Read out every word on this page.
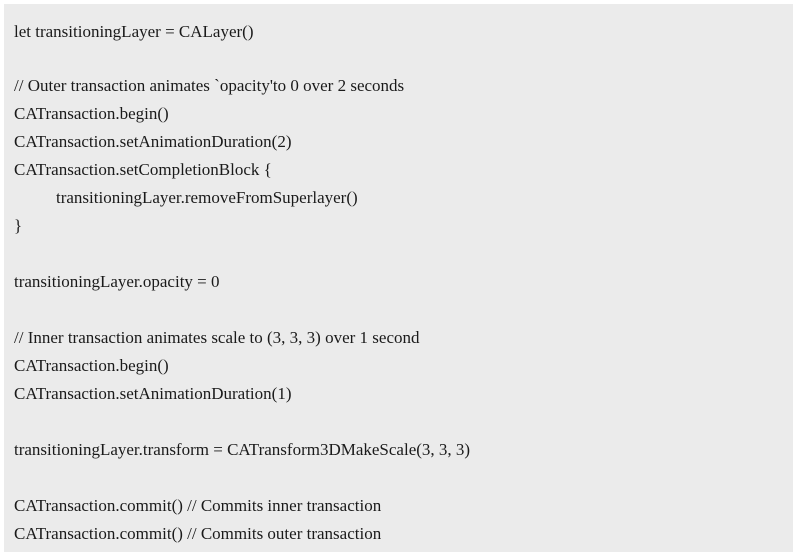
let transitioningLayer = CALayer()
// Outer transaction animates `opacity'to 0 over 2 seconds
CATransaction.begin()
CATransaction.setAnimationDuration(2)
CATransaction.setCompletionBlock {
transitioningLayer.removeFromSuperlayer()
}
transitioningLayer.opacity = 0
// Inner transaction animates scale to (3, 3, 3) over 1 second
CATransaction.begin()
CATransaction.setAnimationDuration(1)
transitioningLayer.transform = CATransform3DMakeScale(3, 3, 3)
CATransaction.commit() // Commits inner transaction
CATransaction.commit() // Commits outer transaction
